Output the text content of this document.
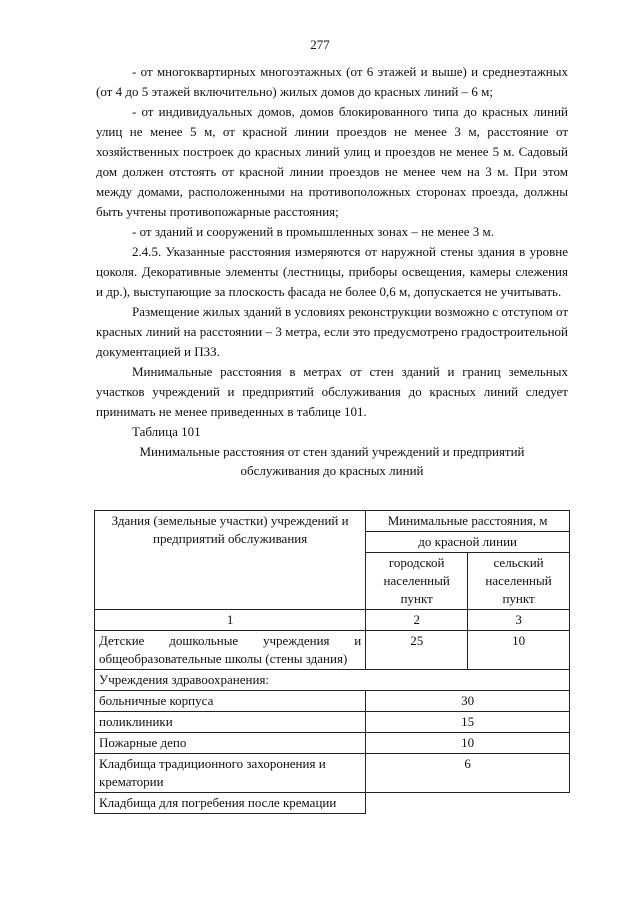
277

- от многоквартирных многоэтажных (от 6 этажей и выше) и среднеэтажных (от 4 до 5 этажей включительно) жилых домов до красных линий – 6 м;

- от индивидуальных домов, домов блокированного типа до красных линий улиц не менее 5 м, от красной линии проездов не менее 3 м, расстояние от хозяйственных построек до красных линий улиц и проездов не менее 5 м. Садовый дом должен отстоять от красной линии проездов не менее чем на 3 м. При этом между домами, расположенными на противоположных сторонах проезда, должны быть учтены противопожарные расстояния;

- от зданий и сооружений в промышленных зонах – не менее 3 м.

2.4.5. Указанные расстояния измеряются от наружной стены здания в уровне цоколя. Декоративные элементы (лестницы, приборы освещения, камеры слежения и др.), выступающие за плоскость фасада не более 0,6 м, допускается не учитывать.

Размещение жилых зданий в условиях реконструкции возможно с отступом от красных линий на расстоянии – 3 метра, если это предусмотрено градостроительной документацией и ПЗЗ.

Минимальные расстояния в метрах от стен зданий и границ земельных участков учреждений и предприятий обслуживания до красных линий следует принимать не менее приведенных в таблице 101.

Таблица 101

Минимальные расстояния от стен зданий учреждений и предприятий обслуживания до красных линий

Здания (земельные участки) учреждений и предприятий обслуживания	Минимальные расстояния, м	
	до красной линии	
	городской населенный пункт	сельский населенный пункт
1	2	3
Детские дошкольные учреждения и общеобразовательные школы (стены здания)	25	10
Учреждения здравоохранения:		
больничные корпуса	30	
поликлиники	15	
Пожарные депо	10	
Кладбища традиционного захоронения и крематории	6	
Кладбища для погребения после кремации		
